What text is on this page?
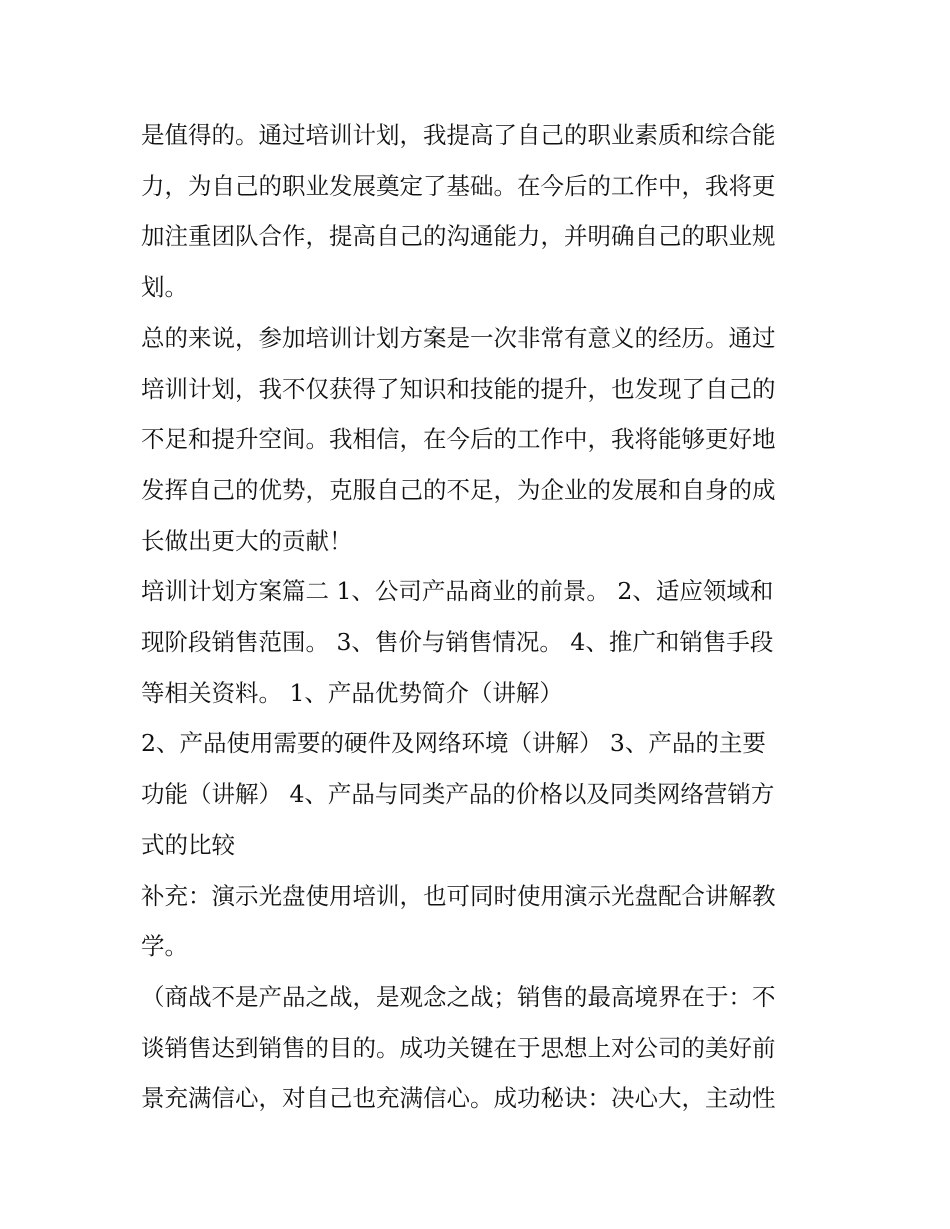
是值得的。通过培训计划，我提高了自己的职业素质和综合能
力，为自己的职业发展奠定了基础。在今后的工作中，我将更
加注重团队合作，提高自己的沟通能力，并明确自己的职业规
划。

总的来说，参加培训计划方案是一次非常有意义的经历。通过
培训计划，我不仅获得了知识和技能的提升，也发现了自己的
不足和提升空间。我相信，在今后的工作中，我将能够更好地
发挥自己的优势，克服自己的不足，为企业的发展和自身的成
长做出更大的贡献！

培训计划方案篇二 1、公司产品商业的前景。 2、适应领域和
现阶段销售范围。 3、售价与销售情况。 4、推广和销售手段
等相关资料。 1、产品优势简介（讲解）

2、产品使用需要的硬件及网络环境（讲解） 3、产品的主要
功能（讲解） 4、产品与同类产品的价格以及同类网络营销方
式的比较

补充：演示光盘使用培训，也可同时使用演示光盘配合讲解教
学。

（商战不是产品之战，是观念之战；销售的最高境界在于：不
谈销售达到销售的目的。成功关键在于思想上对公司的美好前
景充满信心，对自己也充满信心。成功秘诀：决心大，主动性
